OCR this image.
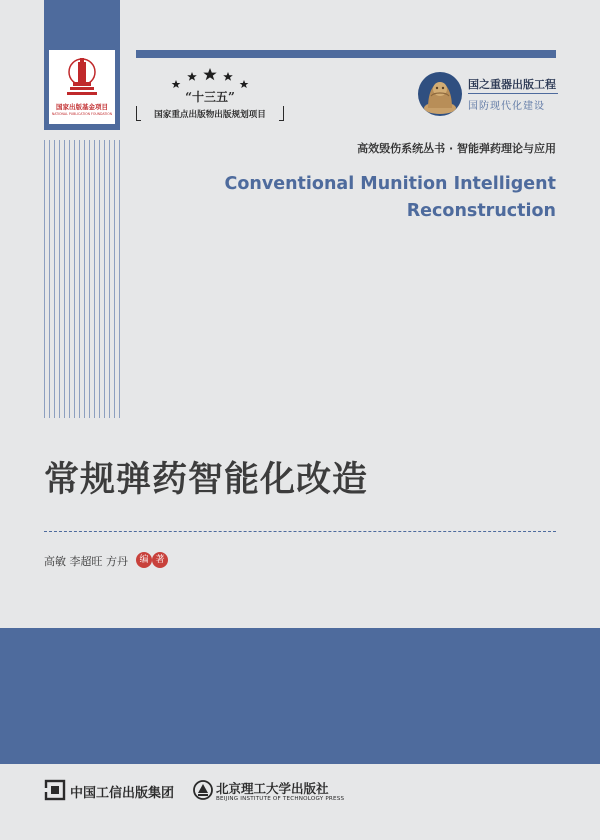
国家出版基金项目
NATIONAL PUBLICATION FOUNDATION
“十三五”
国家重点出版物出版规划项目
国之重器出版工程
国防现代化建设
高效毁伤系统丛书 · 智能弹药理论与应用
Conventional Munition Intelligent
Reconstruction
常规弹药智能化改造
高敏 李超旺 方丹	编 著
中国工信出版集团	北京理工大学出版社
BEIJING INSTITUTE OF TECHNOLOGY PRESS
